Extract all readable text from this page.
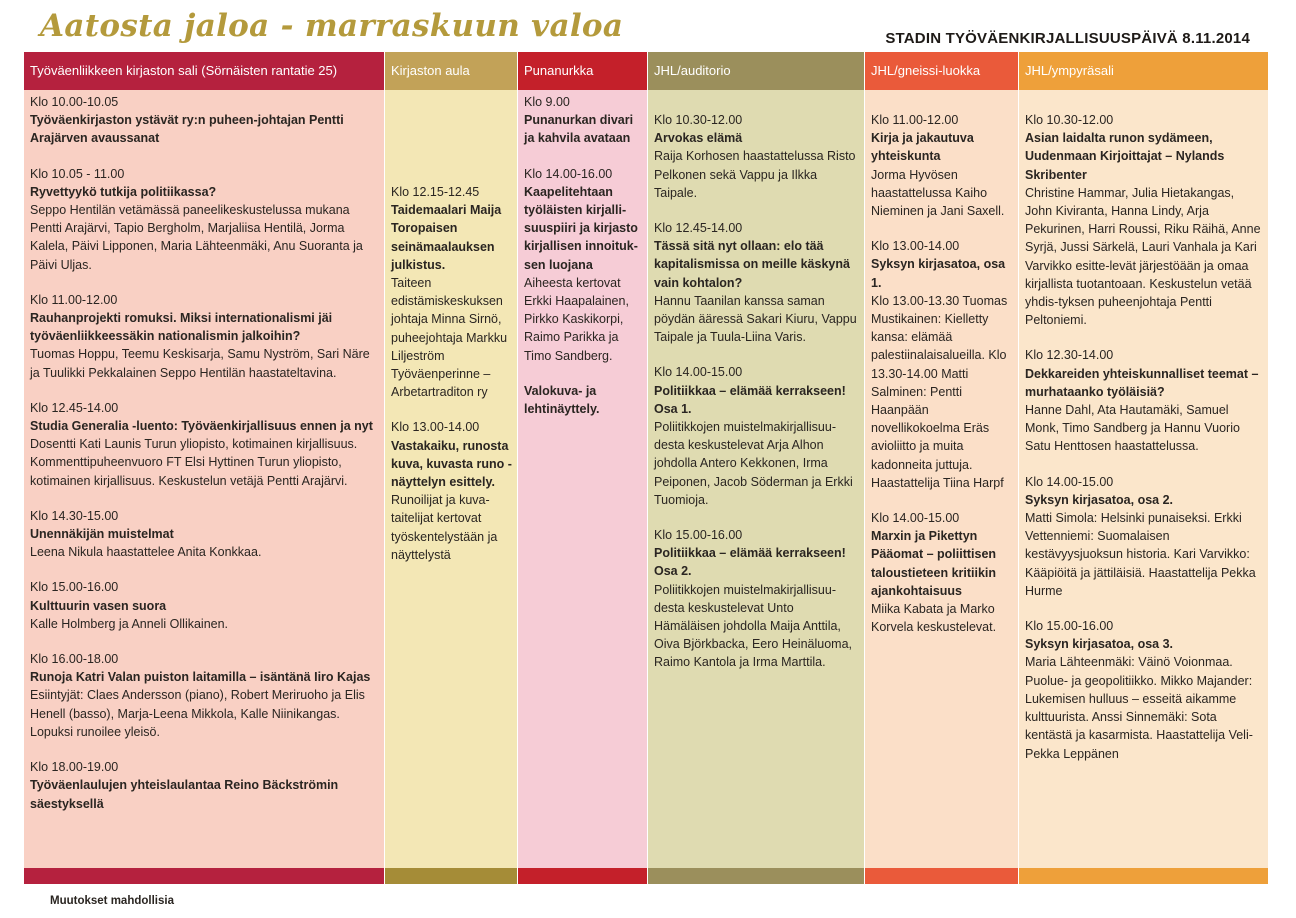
Aatosta jaloa - marraskuun valoa	STADIN TYÖVÄENKIRJALLISUUSPÄIVÄ 8.11.2014
Työväenliikkeen kirjaston sali (Sörnäisten rantatie 25)
Klo 10.00-10.05
Työväenkirjaston ystävät ry:n puheen-johtajan Pentti Arajärven avaussanat
Klo 10.05 - 11.00
Ryvettyykö tutkija politiikassa?
Seppo Hentilän vetämässä paneelikeskustelussa mukana Pentti Arajärvi, Tapio Bergholm, Marjaliisa Hentilä, Jorma Kalela, Päivi Lipponen, Maria Lähteenmäki, Anu Suoranta ja Päivi Uljas.
Klo 11.00-12.00
Rauhanprojekti romuksi. Miksi internationalismi jäi työväenliikkeessäkin nationalismin jalkoihin?
Tuomas Hoppu, Teemu Keskisarja, Samu Nyström, Sari Näre ja Tuulikki Pekkalainen Seppo Hentilän haastateltavina.
Klo 12.45-14.00
Studia Generalia -luento: Työväenkirjallisuus ennen ja nyt
Dosentti Kati Launis Turun yliopisto, kotimainen kirjallisuus. Kommenttipuheenvuoro FT Elsi Hyttinen Turun yliopisto, kotimainen kirjallisuus. Keskustelun vetäjä Pentti Arajärvi.
Klo 14.30-15.00
Unennäkijän muistelmat
Leena Nikula haastattelee Anita Konkkaa.
Klo 15.00-16.00
Kulttuurin vasen suora
Kalle Holmberg ja Anneli Ollikainen.
Klo 16.00-18.00
Runoja Katri Valan puiston laitamilla – isäntänä Iiro Kajas
Esiintyjät: Claes Andersson (piano), Robert Meriruoho ja Elis Henell (basso), Marja-Leena Mikkola, Kalle Niinikangas. Lopuksi runoilee yleisö.
Klo 18.00-19.00
Työväenlaulujen yhteislaulantaa Reino Bäckströmin säestyksellä
Kirjaston aula
Klo 12.15-12.45
Taidemaalari Maija Toropaisen seinämaalauksen julkistus.
Taiteen edistämiskeskuksen johtaja Minna Sirnö, puheejohtaja Markku Liljeström Työväenperinne – Arbetartraditon ry
Klo 13.00-14.00
Vastakaiku, runosta kuva, kuvasta runo -näyttelyn esittely.
Runoilijat ja kuva-taitelijat kertovat työskentelystään ja näyttelystä
Punanurkka
Klo 9.00
Punanurkan divari ja kahvila avataan
Klo 14.00-16.00
Kaapelitehtaan työläisten kirjalli-suuspiiri ja kirjasto kirjallisen innoituk-sen luojana
Aiheesta kertovat Erkki Haapalainen, Pirkko Kaskikorpi, Raimo Parikka ja Timo Sandberg.
Valokuva- ja lehtinäyttely.
JHL/auditorio
Klo 10.30-12.00
Arvokas elämä
Raija Korhosen haastattelussa Risto Pelkonen sekä Vappu ja Ilkka Taipale.
Klo 12.45-14.00
Tässä sitä nyt ollaan: elo tää kapitalismissa on meille käskynä vain kohtalon?
Hannu Taanilan kanssa saman pöydän ääressä Sakari Kiuru, Vappu Taipale ja Tuula-Liina Varis.
Klo 14.00-15.00
Politiikkaa – elämää kerrakseen! Osa 1.
Poliitikkojen muistelmakirjallisuu-desta keskustelevat Arja Alhon johdolla Antero Kekkonen, Irma Peiponen, Jacob Söderman ja Erkki Tuomioja.
Klo 15.00-16.00
Politiikkaa – elämää kerrakseen! Osa 2.
Poliitikkojen muistelmakirjallisuu-desta keskustelevat Unto Hämäläisen johdolla Maija Anttila, Oiva Björkbacka, Eero Heinäluoma, Raimo Kantola ja Irma Marttila.
JHL/gneissi-luokka
Klo 11.00-12.00
Kirja ja jakautuva yhteiskunta
Jorma Hyvösen haastattelussa Kaiho Nieminen ja Jani Saxell.
Klo 13.00-14.00
Syksyn kirjasatoa, osa 1.
Klo 13.00-13.30 Tuomas Mustikainen: Kielletty kansa: elämää palestiinalaisalueilla. Klo 13.30-14.00 Matti Salminen: Pentti Haanpään novellikokoelma Eräs avioliitto ja muita kadonneita juttuja. Haastattelija Tiina Harpf
Klo 14.00-15.00
Marxin ja Pikettyn Pääomat – poliittisen taloustieteen kritiikin ajankohtaisuus
Miika Kabata ja Marko Korvela keskustelevat.
JHL/ympyräsali
Klo 10.30-12.00
Asian laidalta runon sydämeen, Uudenmaan Kirjoittajat – Nylands Skribenter
Christine Hammar, Julia Hietakangas, John Kiviranta, Hanna Lindy, Arja Pekurinen, Harri Roussi, Riku Räihä, Anne Syrjä, Jussi Särkelä, Lauri Vanhala ja Kari Varvikko esitte-levät järjestöään ja omaa kirjallista tuotantoaan. Keskustelun vetää yhdis-tyksen puheenjohtaja Pentti Peltoniemi.
Klo 12.30-14.00
Dekkareiden yhteiskunnalliset teemat – murhataanko työläisiä?
Hanne Dahl, Ata Hautamäki, Samuel Monk, Timo Sandberg ja Hannu Vuorio Satu Henttosen haastattelussa.
Klo 14.00-15.00
Syksyn kirjasatoa, osa 2.
Matti Simola: Helsinki punaiseksi. Erkki Vettenniemi: Suomalaisen kestävyysjuoksun historia. Kari Varvikko: Kääpiöitä ja jättiläisiä. Haastattelija Pekka Hurme
Klo 15.00-16.00
Syksyn kirjasatoa, osa 3.
Maria Lähteenmäki: Väinö Voionmaa. Puolue- ja geopolitiikko. Mikko Majander: Lukemisen hulluus – esseitä aikamme kulttuurista. Anssi Sinnemäki: Sota kentästä ja kasarmista. Haastattelija Veli-Pekka Leppänen
Muutokset mahdollisia
